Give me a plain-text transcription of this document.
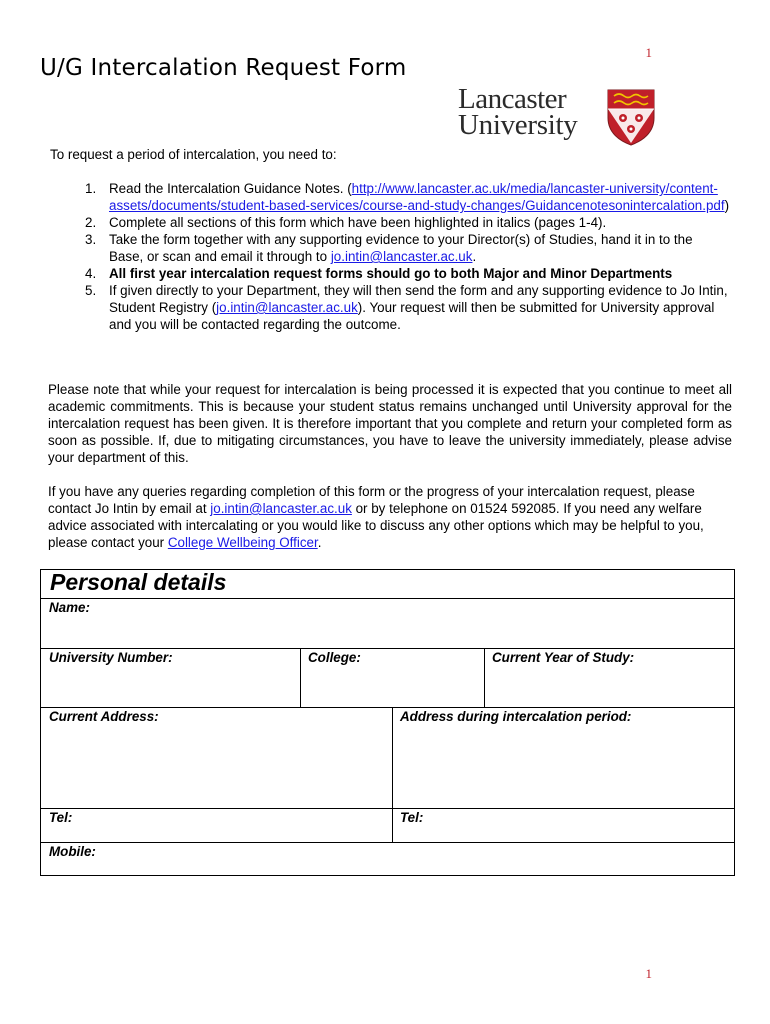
1
U/G Intercalation Request Form
Lancaster
University
To request a period of intercalation, you need to:
1. Read the Intercalation Guidance Notes. (http://www.lancaster.ac.uk/media/lancaster-university/content-assets/documents/student-based-services/course-and-study-changes/Guidancenotesonintercalation.pdf)
2. Complete all sections of this form which have been highlighted in italics (pages 1-4).
3. Take the form together with any supporting evidence to your Director(s) of Studies, hand it in to the Base, or scan and email it through to jo.intin@lancaster.ac.uk.
4. All first year intercalation request forms should go to both Major and Minor Departments
5. If given directly to your Department, they will then send the form and any supporting evidence to Jo Intin, Student Registry (jo.intin@lancaster.ac.uk). Your request will then be submitted for University approval and you will be contacted regarding the outcome.

Please note that while your request for intercalation is being processed it is expected that you continue to meet all academic commitments. This is because your student status remains unchanged until University approval for the intercalation request has been given. It is therefore important that you complete and return your completed form as soon as possible. If, due to mitigating circumstances, you have to leave the university immediately, please advise your department of this.

If you have any queries regarding completion of this form or the progress of your intercalation request, please contact Jo Intin by email at jo.intin@lancaster.ac.uk or by telephone on 01524 592085. If you need any welfare advice associated with intercalating or you would like to discuss any other options which may be helpful to you, please contact your College Wellbeing Officer.

Personal details
Name:
University Number:	College:	Current Year of Study:
Current Address:	Address during intercalation period:
Tel:	Tel:
Mobile:
1
